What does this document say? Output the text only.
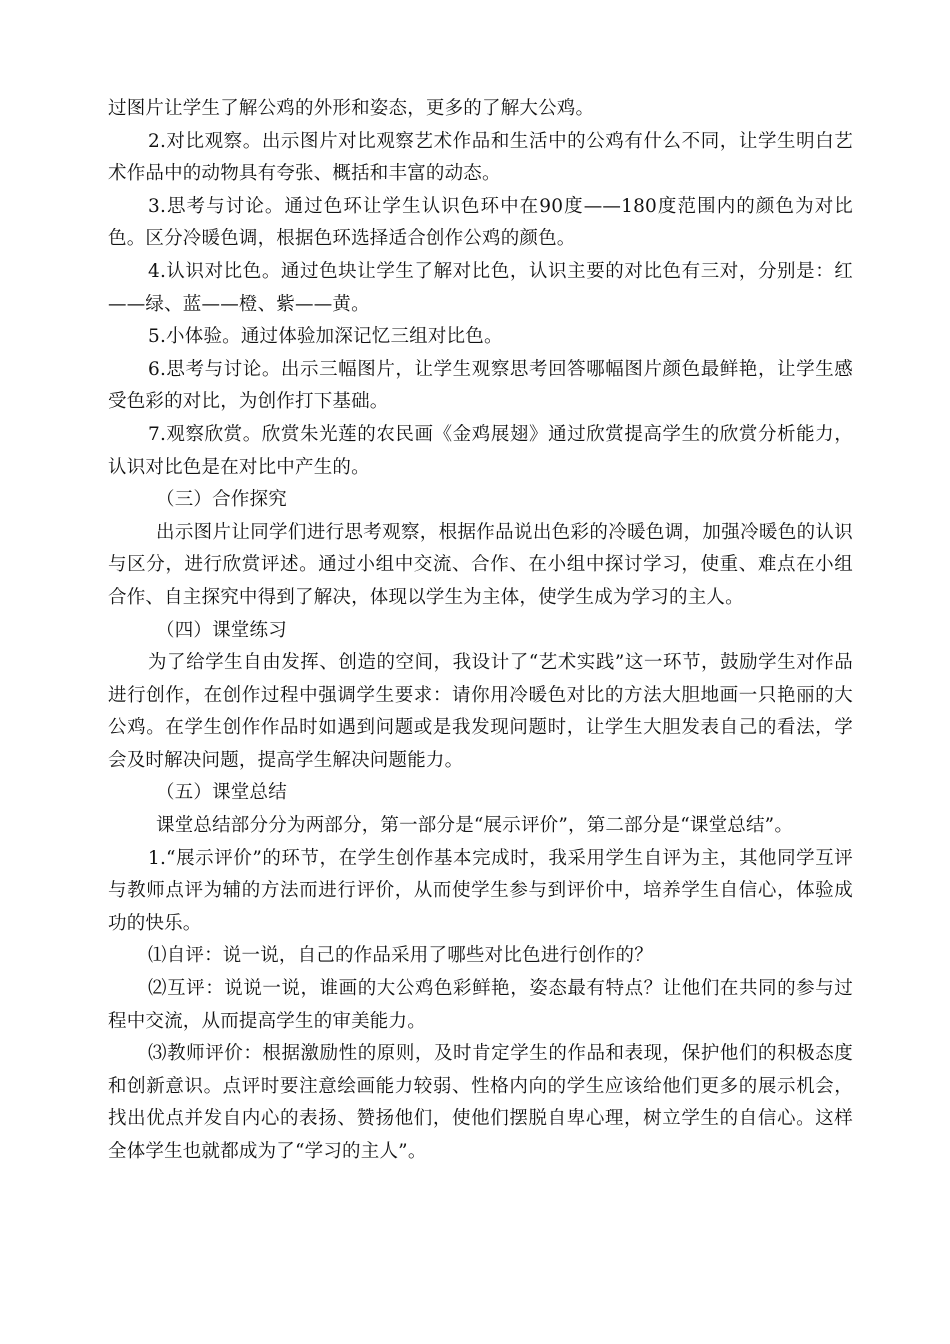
过图片让学生了解公鸡的外形和姿态，更多的了解大公鸡。

2.对比观察。出示图片对比观察艺术作品和生活中的公鸡有什么不同，让学生明白艺术作品中的动物具有夸张、概括和丰富的动态。

3.思考与讨论。通过色环让学生认识色环中在90度——180度范围内的颜色为对比色。区分冷暖色调，根据色环选择适合创作公鸡的颜色。

4.认识对比色。通过色块让学生了解对比色，认识主要的对比色有三对，分别是：红——绿、蓝——橙、紫——黄。

5.小体验。通过体验加深记忆三组对比色。

6.思考与讨论。出示三幅图片，让学生观察思考回答哪幅图片颜色最鲜艳，让学生感受色彩的对比，为创作打下基础。

7.观察欣赏。欣赏朱光莲的农民画《金鸡展翅》通过欣赏提高学生的欣赏分析能力，认识对比色是在对比中产生的。

（三）合作探究

出示图片让同学们进行思考观察，根据作品说出色彩的冷暖色调，加强冷暖色的认识与区分，进行欣赏评述。通过小组中交流、合作、在小组中探讨学习，使重、难点在小组合作、自主探究中得到了解决，体现以学生为主体，使学生成为学习的主人。

（四）课堂练习

为了给学生自由发挥、创造的空间，我设计了“艺术实践”这一环节，鼓励学生对作品进行创作，在创作过程中强调学生要求：请你用冷暖色对比的方法大胆地画一只艳丽的大公鸡。在学生创作作品时如遇到问题或是我发现问题时，让学生大胆发表自己的看法，学会及时解决问题，提高学生解决问题能力。

（五）课堂总结

课堂总结部分分为两部分，第一部分是“展示评价”，第二部分是“课堂总结”。

1.“展示评价”的环节，在学生创作基本完成时，我采用学生自评为主，其他同学互评与教师点评为辅的方法而进行评价，从而使学生参与到评价中，培养学生自信心，体验成功的快乐。

⑴自评：说一说，自己的作品采用了哪些对比色进行创作的？

⑵互评：说说一说，谁画的大公鸡色彩鲜艳，姿态最有特点？让他们在共同的参与过程中交流，从而提高学生的审美能力。

⑶教师评价：根据激励性的原则，及时肯定学生的作品和表现，保护他们的积极态度和创新意识。点评时要注意绘画能力较弱、性格内向的学生应该给他们更多的展示机会，找出优点并发自内心的表扬、赞扬他们，使他们摆脱自卑心理，树立学生的自信心。这样全体学生也就都成为了“学习的主人”。
